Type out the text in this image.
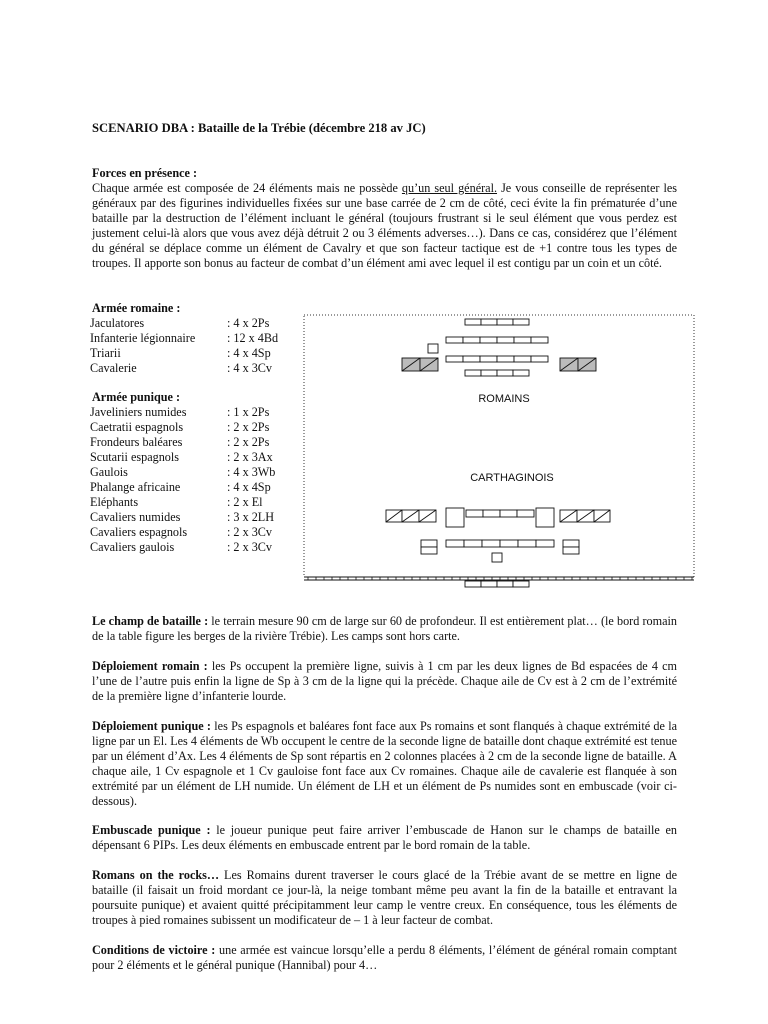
SCENARIO DBA : Bataille de la Trébie (décembre 218 av JC)
Forces en présence :
Chaque armée est composée de 24 éléments mais ne possède qu’un seul général. Je vous conseille de représenter les généraux par des figurines individuelles fixées sur une base carrée de 2 cm de côté, ceci évite la fin prématurée d’une bataille par la destruction de l’élément incluant le général (toujours frustrant si le seul élément que vous perdez est justement celui-là alors que vous avez déjà détruit 2 ou 3 éléments adverses…). Dans ce cas, considérez que l’élément du général se déplace comme un élément de Cavalry et que son facteur tactique est de +1 contre tous les types de troupes. Il apporte son bonus au facteur de combat d’un élément ami avec lequel il est contigu par un coin et un côté.
Armée romaine :
Jaculatores	: 4 x 2Ps
Infanterie légionnaire	: 12 x 4Bd
Triarii	: 4 x 4Sp
Cavalerie	: 4 x 3Cv
Armée punique :
Javeliniers numides	: 1 x 2Ps
Caetratii espagnols	: 2 x 2Ps
Frondeurs baléares	: 2 x 2Ps
Scutarii espagnols	: 2 x 3Ax
Gaulois	: 4 x 3Wb
Phalange africaine	: 4 x 4Sp
Eléphants	: 2 x El
Cavaliers numides	: 3 x 2LH
Cavaliers espagnols	: 2 x 3Cv
Cavaliers gaulois	: 2 x 3Cv
ROMAINS
CARTHAGINOIS
Le champ de bataille : le terrain mesure 90 cm de large sur 60 de profondeur. Il est entièrement plat… (le bord romain de la table figure les berges de la rivière Trébie). Les camps sont hors carte.
Déploiement romain : les Ps occupent la première ligne, suivis à 1 cm par les deux lignes de Bd espacées de 4 cm l’une de l’autre puis enfin la ligne de Sp à 3 cm de la ligne qui la précède. Chaque aile de Cv est à 2 cm de l’extrémité de la première ligne d’infanterie lourde.
Déploiement punique : les Ps espagnols et baléares font face aux Ps romains et sont flanqués à chaque extrémité de la ligne par un El. Les 4 éléments de Wb occupent le centre de la seconde ligne de bataille dont chaque extrémité est tenue par un élément d’Ax. Les 4 éléments de Sp sont répartis en 2 colonnes placées à 2 cm de la seconde ligne de bataille. A chaque aile, 1 Cv espagnole et 1 Cv gauloise font face aux Cv romaines. Chaque aile de cavalerie est flanquée à son extrémité par un élément de LH numide. Un élément de LH et un élément de Ps numides sont en embuscade (voir ci-dessous).
Embuscade punique : le joueur punique peut faire arriver l’embuscade de Hanon sur le champs de bataille en dépensant 6 PIPs. Les deux éléments en embuscade entrent par le bord romain de la table.
Romans on the rocks… Les Romains durent traverser le cours glacé de la Trébie avant de se mettre en ligne de bataille (il faisait un froid mordant ce jour-là, la neige tombant même peu avant la fin de la bataille et entravant la poursuite punique) et avaient quitté précipitamment leur camp le ventre creux. En conséquence, tous les éléments de troupes à pied romaines subissent un modificateur de – 1 à leur facteur de combat.
Conditions de victoire : une armée est vaincue lorsqu’elle a perdu 8 éléments, l’élément de général romain comptant pour 2 éléments et le général punique (Hannibal) pour 4…
